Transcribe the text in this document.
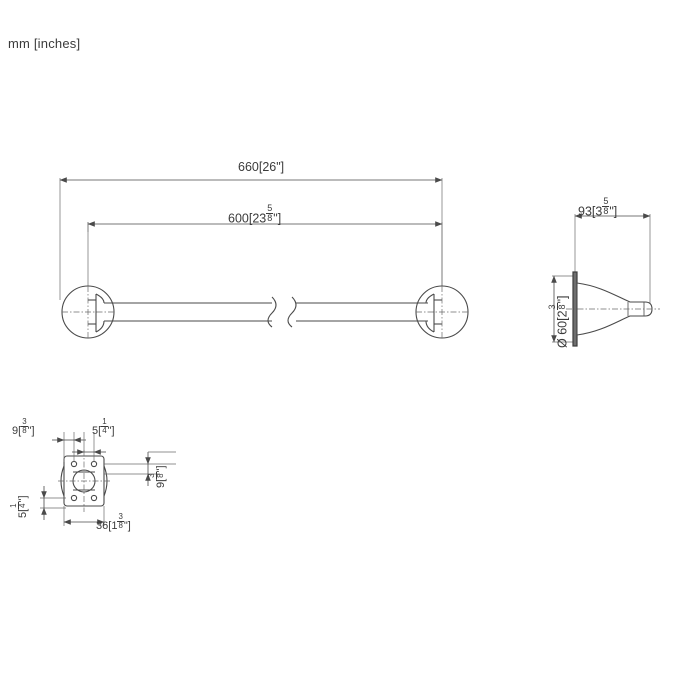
mm [inches]
660[26"]
$600[23 \frac{5}{8}$ "]	$93[3 \frac{5}{8}$ "]
Ø 60[2
3 8
"]
$9[ \frac{3}{8}$ "]	$5[ \frac{1}{4}$ "]
9[
3 8
"]
5[
1 4
"]
$36[1 \frac{3}{8}$ "]
